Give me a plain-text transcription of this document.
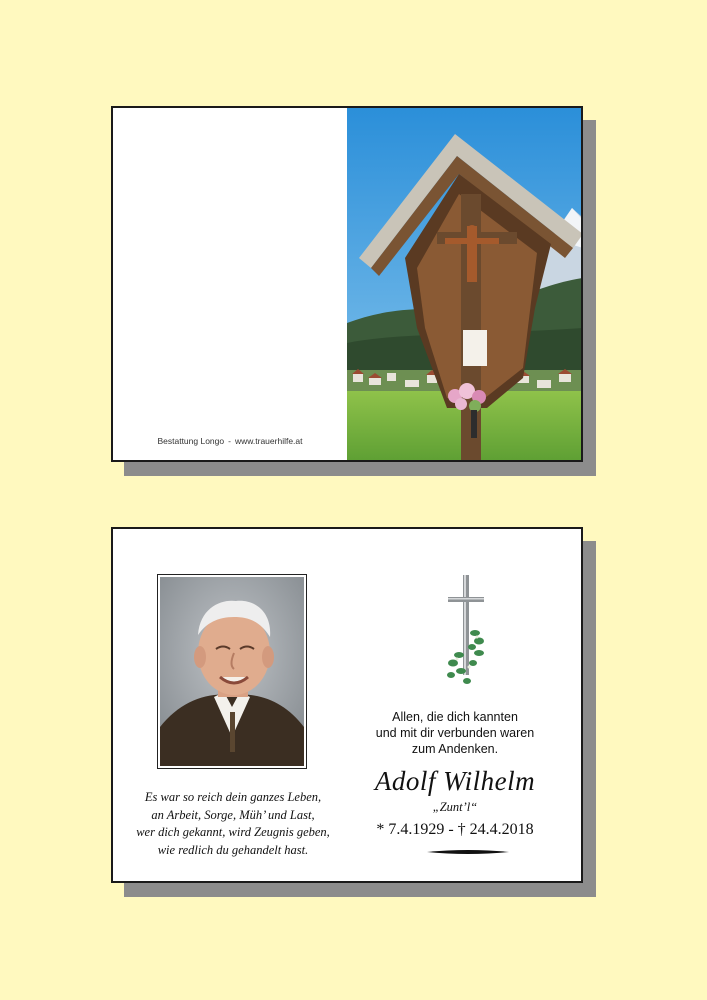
Bestattung Longo - www.trauerhilfe.at
Es war so reich dein ganzes Leben,
an Arbeit, Sorge, Müh’ und Last,
wer dich gekannt, wird Zeugnis geben,
wie redlich du gehandelt hast.
Allen, die dich kannten
und mit dir verbunden waren
zum Andenken.
Adolf Wilhelm
„Zunt’l“
* 7.4.1929 - † 24.4.2018
